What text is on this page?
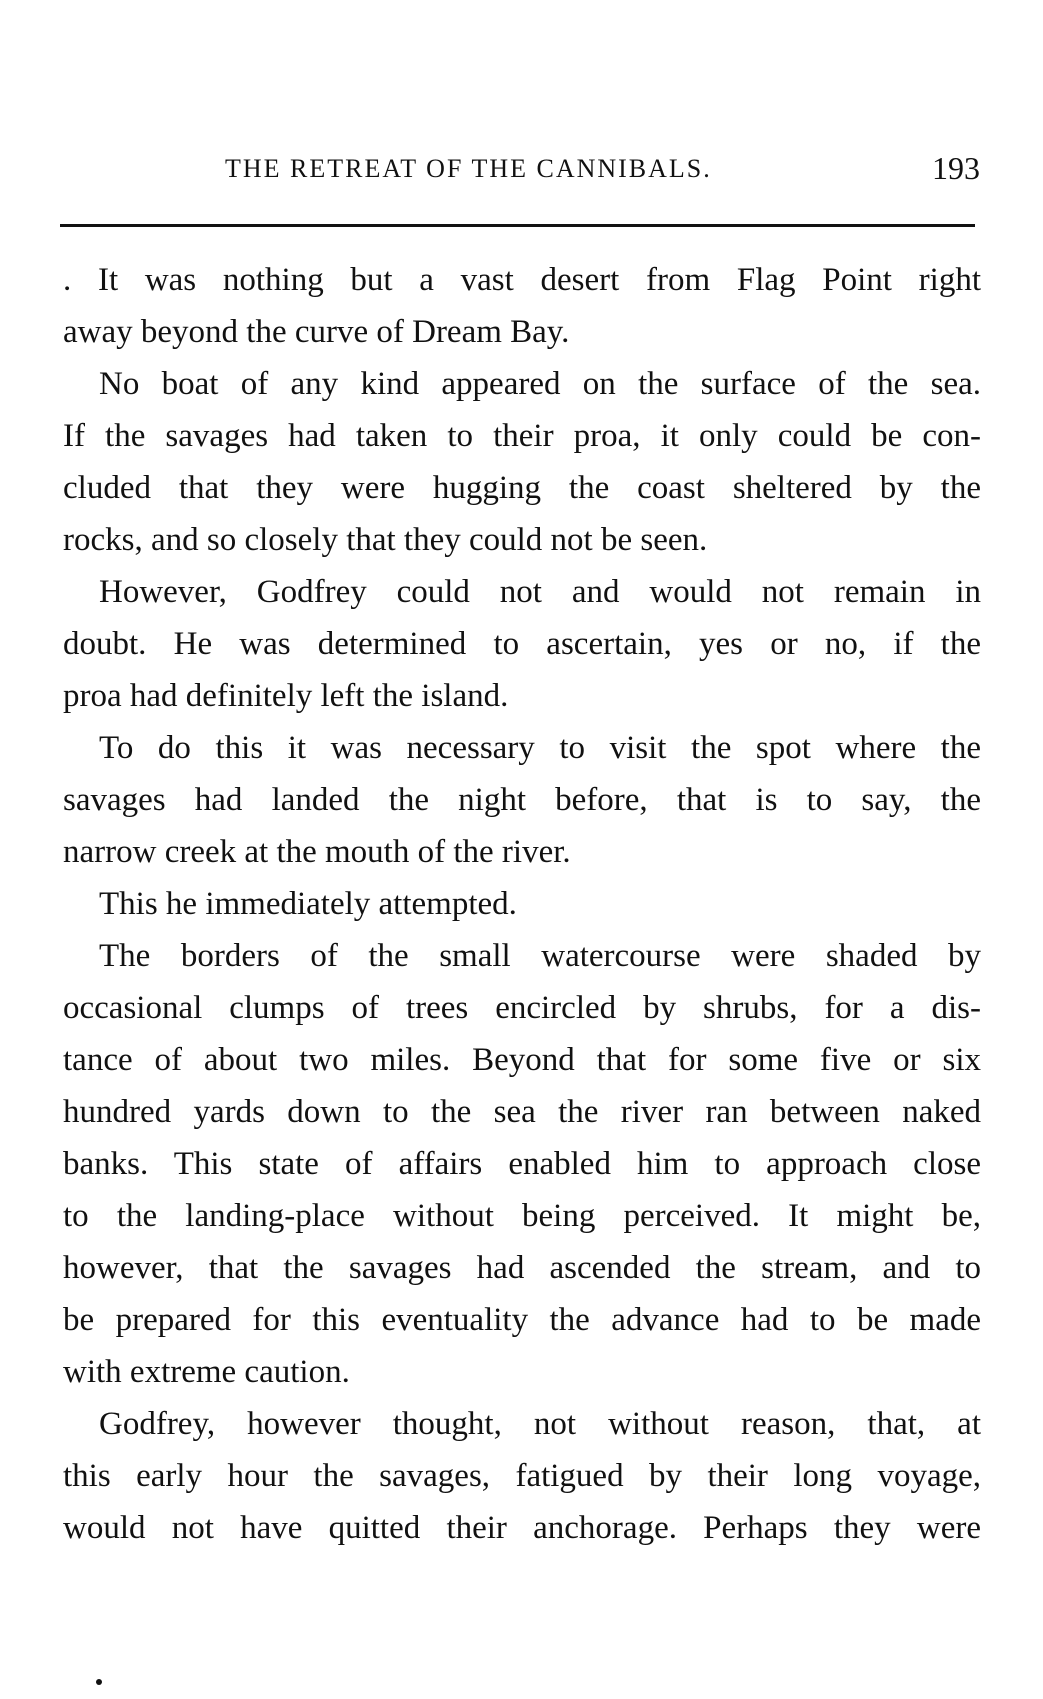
THE RETREAT OF THE CANNIBALS.	193
. It was nothing but a vast desert from Flag Point right
away beyond the curve of Dream Bay.
No boat of any kind appeared on the surface of the sea.
If the savages had taken to their proa, it only could be con-
cluded that they were hugging the coast sheltered by the
rocks, and so closely that they could not be seen.
However, Godfrey could not and would not remain in
doubt. He was determined to ascertain, yes or no, if the
proa had definitely left the island.
To do this it was necessary to visit the spot where the
savages had landed the night before, that is to say, the
narrow creek at the mouth of the river.
This he immediately attempted.
The borders of the small watercourse were shaded by
occasional clumps of trees encircled by shrubs, for a dis-
tance of about two miles. Beyond that for some five or six
hundred yards down to the sea the river ran between naked
banks. This state of affairs enabled him to approach close
to the landing-place without being perceived. It might be,
however, that the savages had ascended the stream, and to
be prepared for this eventuality the advance had to be made
with extreme caution.
Godfrey, however thought, not without reason, that, at
this early hour the savages, fatigued by their long voyage,
would not have quitted their anchorage. Perhaps they were
